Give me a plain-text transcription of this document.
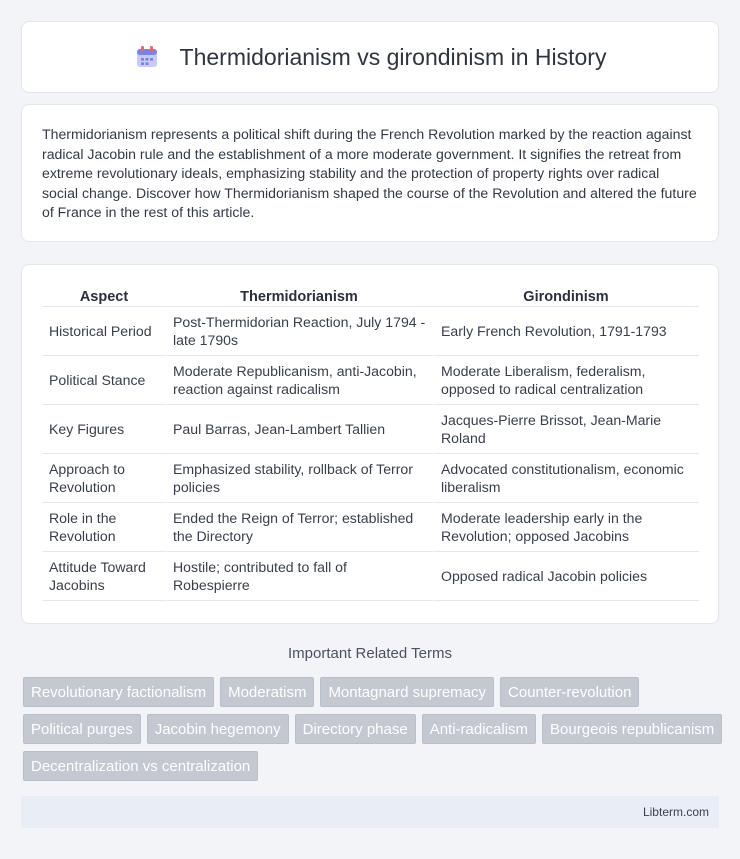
Thermidorianism vs girondinism in History

Thermidorianism represents a political shift during the French Revolution marked by the reaction against radical Jacobin rule and the establishment of a more moderate government. It signifies the retreat from extreme revolutionary ideals, emphasizing stability and the protection of property rights over radical social change. Discover how Thermidorianism shaped the course of the Revolution and altered the future of France in the rest of this article.

Aspect	Thermidorianism	Girondinism
Historical Period	Post-Thermidorian Reaction, July 1794 - late 1790s	Early French Revolution, 1791-1793
Political Stance	Moderate Republicanism, anti-Jacobin, reaction against radicalism	Moderate Liberalism, federalism, opposed to radical centralization
Key Figures	Paul Barras, Jean-Lambert Tallien	Jacques-Pierre Brissot, Jean-Marie Roland
Approach to Revolution	Emphasized stability, rollback of Terror policies	Advocated constitutionalism, economic liberalism
Role in the Revolution	Ended the Reign of Terror; established the Directory	Moderate leadership early in the Revolution; opposed Jacobins
Attitude Toward Jacobins	Hostile; contributed to fall of Robespierre	Opposed radical Jacobin policies
Important Related Terms
Revolutionary factionalism	Moderatism	Montagnard supremacy	Counter-revolution
Political purges	Jacobin hegemony	Directory phase	Anti-radicalism	Bourgeois republicanism
Decentralization vs centralization
Libterm.com
